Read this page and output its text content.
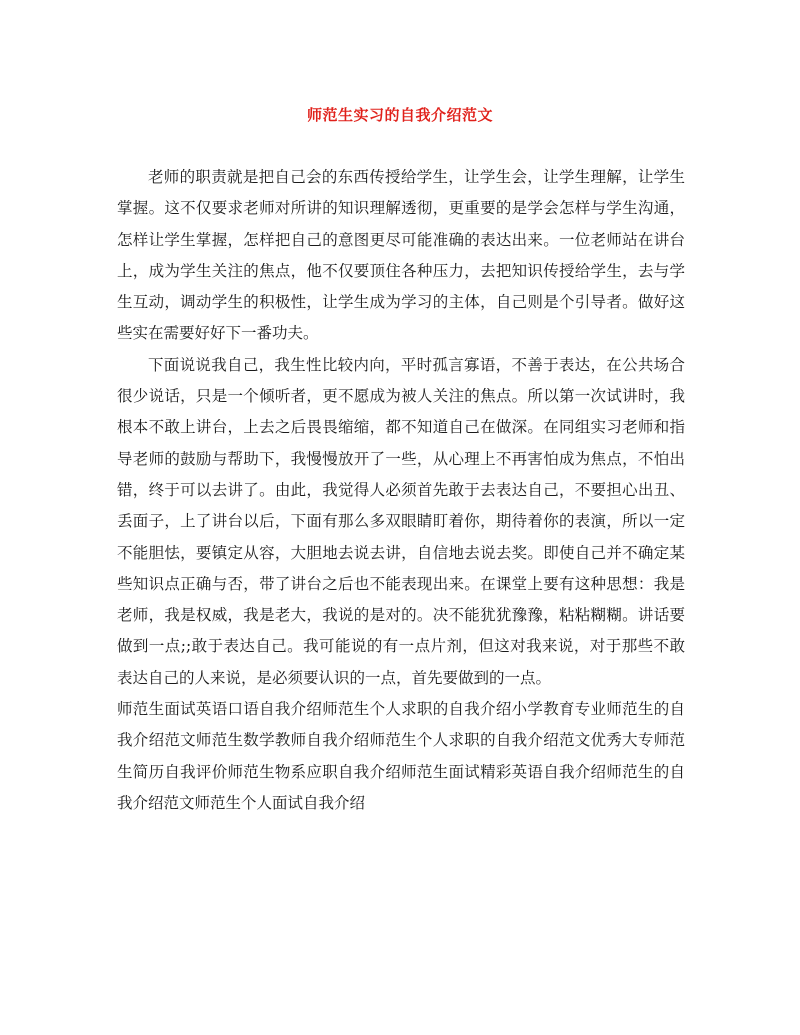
师范生实习的自我介绍范文

老师的职责就是把自己会的东西传授给学生，让学生会，让学生理解，让学生掌握。这不仅要求老师对所讲的知识理解透彻，更重要的是学会怎样与学生沟通，怎样让学生掌握，怎样把自己的意图更尽可能准确的表达出来。一位老师站在讲台上，成为学生关注的焦点，他不仅要顶住各种压力，去把知识传授给学生，去与学生互动，调动学生的积极性，让学生成为学习的主体，自己则是个引导者。做好这些实在需要好好下一番功夫。

下面说说我自己，我生性比较内向，平时孤言寡语，不善于表达，在公共场合很少说话，只是一个倾听者，更不愿成为被人关注的焦点。所以第一次试讲时，我根本不敢上讲台，上去之后畏畏缩缩，都不知道自己在做深。在同组实习老师和指导老师的鼓励与帮助下，我慢慢放开了一些，从心理上不再害怕成为焦点，不怕出错，终于可以去讲了。由此，我觉得人必须首先敢于去表达自己，不要担心出丑、丢面子，上了讲台以后，下面有那么多双眼睛盯着你，期待着你的表演，所以一定不能胆怯，要镇定从容，大胆地去说去讲，自信地去说去奖。即使自己并不确定某些知识点正确与否，带了讲台之后也不能表现出来。在课堂上要有这种思想：我是老师，我是权威，我是老大，我说的是对的。决不能犹犹豫豫，粘粘糊糊。讲话要做到一点;;敢于表达自己。我可能说的有一点片剂，但这对我来说，对于那些不敢表达自己的人来说，是必须要认识的一点，首先要做到的一点。

师范生面试英语口语自我介绍师范生个人求职的自我介绍小学教育专业师范生的自我介绍范文师范生数学教师自我介绍师范生个人求职的自我介绍范文优秀大专师范生简历自我评价师范生物系应职自我介绍师范生面试精彩英语自我介绍师范生的自我介绍范文师范生个人面试自我介绍
